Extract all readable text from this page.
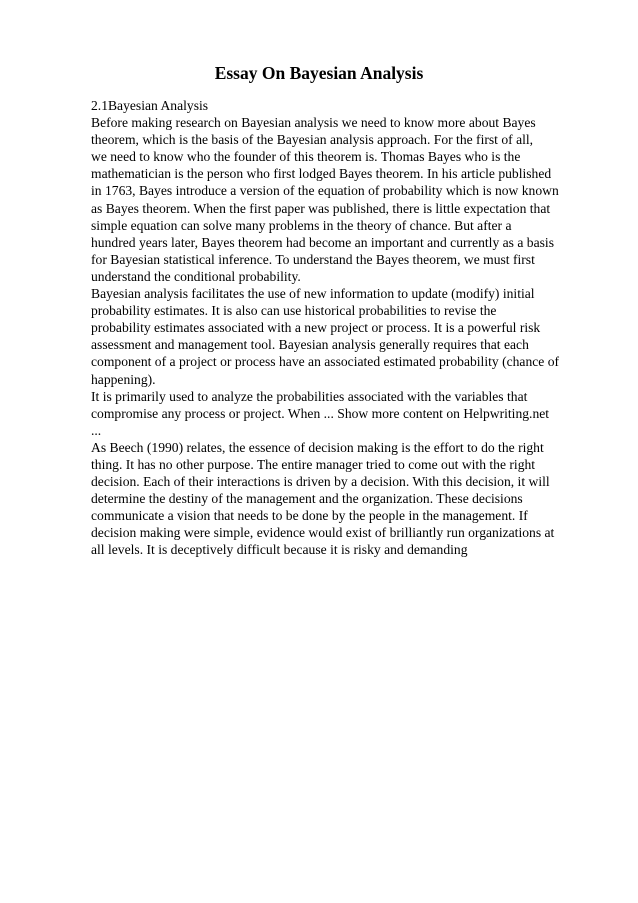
Essay On Bayesian Analysis
2.1Bayesian Analysis
Before making research on Bayesian analysis we need to know more about Bayes
theorem, which is the basis of the Bayesian analysis approach. For the first of all,
we need to know who the founder of this theorem is. Thomas Bayes who is the
mathematician is the person who first lodged Bayes theorem. In his article published
in 1763, Bayes introduce a version of the equation of probability which is now known
as Bayes theorem. When the first paper was published, there is little expectation that
simple equation can solve many problems in the theory of chance. But after a
hundred years later, Bayes theorem had become an important and currently as a basis
for Bayesian statistical inference. To understand the Bayes theorem, we must first
understand the conditional probability.
Bayesian analysis facilitates the use of new information to update (modify) initial
probability estimates. It is also can use historical probabilities to revise the
probability estimates associated with a new project or process. It is a powerful risk
assessment and management tool. Bayesian analysis generally requires that each
component of a project or process have an associated estimated probability (chance of
happening).
It is primarily used to analyze the probabilities associated with the variables that
compromise any process or project. When ... Show more content on Helpwriting.net
...
As Beech (1990) relates, the essence of decision making is the effort to do the right
thing. It has no other purpose. The entire manager tried to come out with the right
decision. Each of their interactions is driven by a decision. With this decision, it will
determine the destiny of the management and the organization. These decisions
communicate a vision that needs to be done by the people in the management. If
decision making were simple, evidence would exist of brilliantly run organizations at
all levels. It is deceptively difficult because it is risky and demanding
